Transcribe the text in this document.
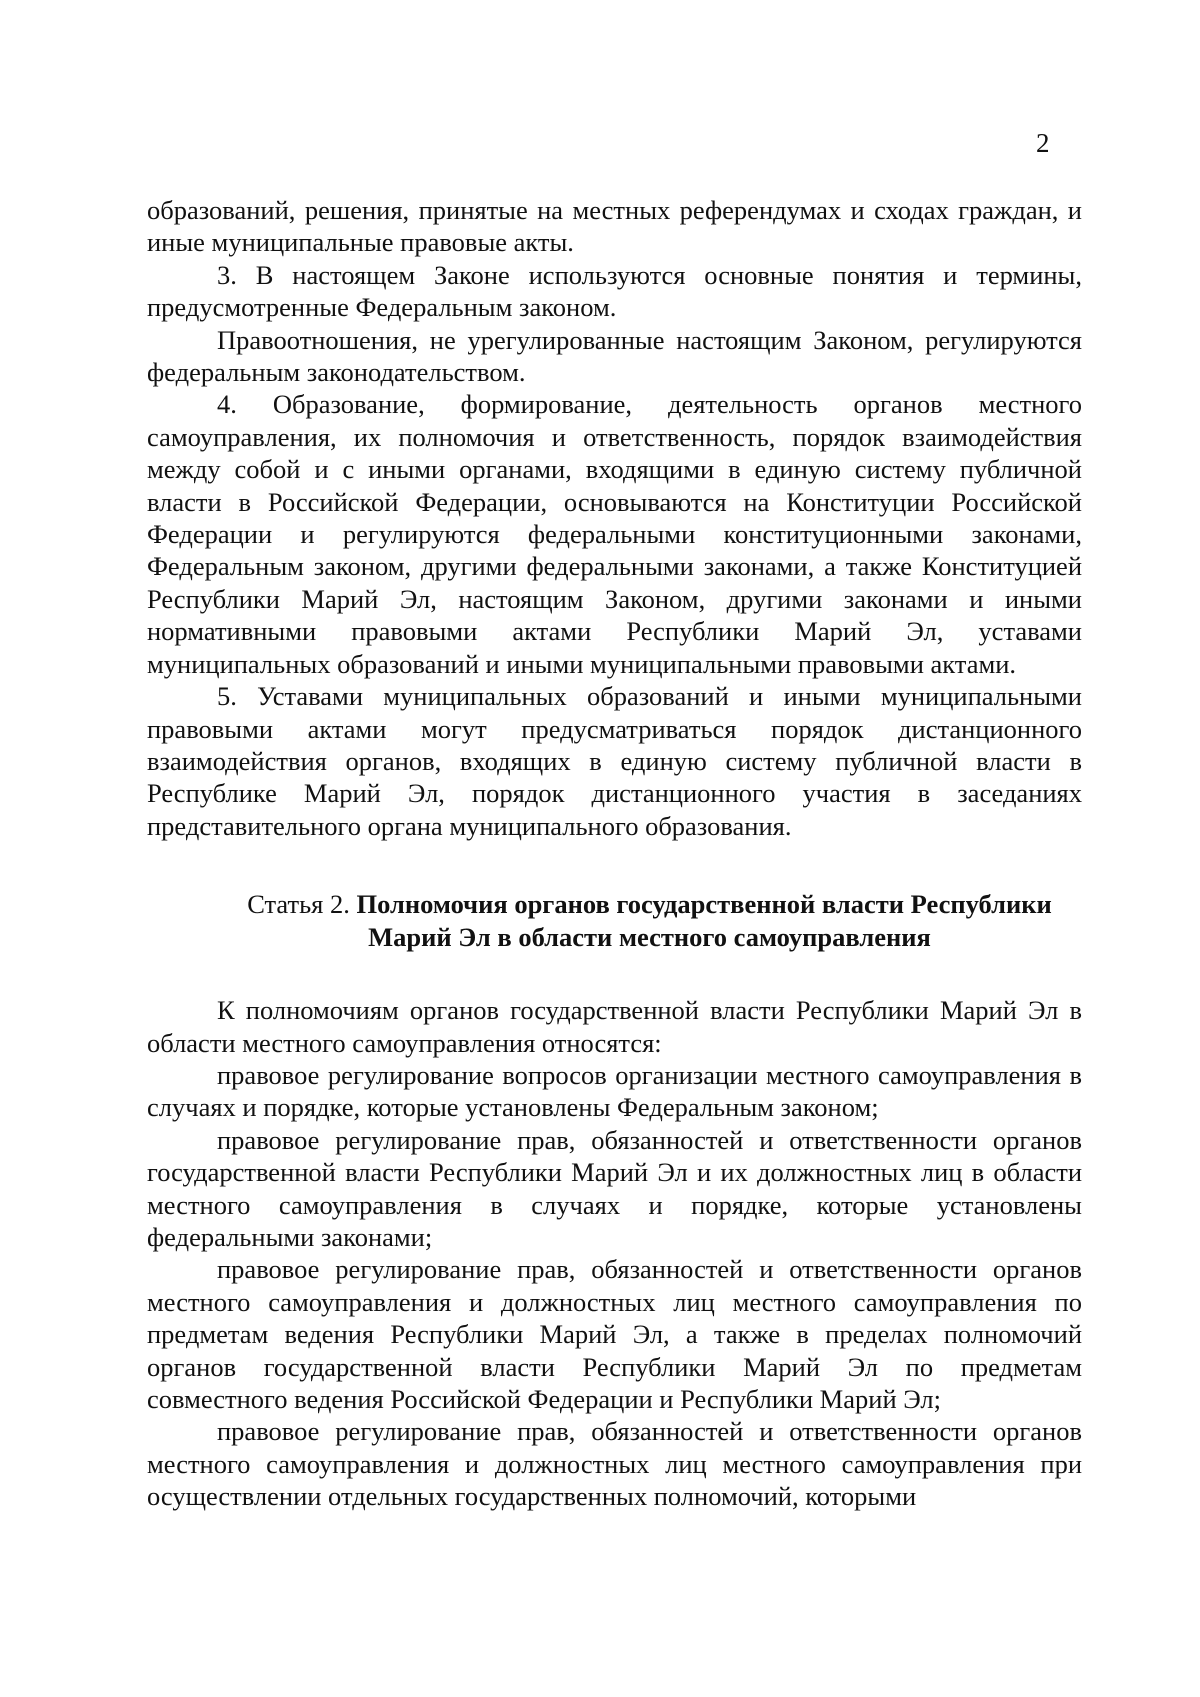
2

образований, решения, принятые на местных референдумах и сходах граждан, и иные муниципальные правовые акты.

3. В настоящем Законе используются основные понятия и термины, предусмотренные Федеральным законом.

Правоотношения, не урегулированные настоящим Законом, регулируются федеральным законодательством.

4. Образование, формирование, деятельность органов местного самоуправления, их полномочия и ответственность, порядок взаимодействия между собой и с иными органами, входящими в единую систему публичной власти в Российской Федерации, основываются на Конституции Российской Федерации и регулируются федеральными конституционными законами, Федеральным законом, другими федеральными законами, а также Конституцией Республики Марий Эл, настоящим Законом, другими законами и иными нормативными правовыми актами Республики Марий Эл, уставами муниципальных образований и иными муниципальными правовыми актами.

5. Уставами муниципальных образований и иными муниципальными правовыми актами могут предусматриваться порядок дистанционного взаимодействия органов, входящих в единую систему публичной власти в Республике Марий Эл, порядок дистанционного участия в заседаниях представительного органа муниципального образования.

Статья 2. Полномочия органов государственной власти Республики
Марий Эл в области местного самоуправления

К полномочиям органов государственной власти Республики Марий Эл в области местного самоуправления относятся:

правовое регулирование вопросов организации местного самоуправления в случаях и порядке, которые установлены Федеральным законом;

правовое регулирование прав, обязанностей и ответственности органов государственной власти Республики Марий Эл и их должностных лиц в области местного самоуправления в случаях и порядке, которые установлены федеральными законами;

правовое регулирование прав, обязанностей и ответственности органов местного самоуправления и должностных лиц местного самоуправления по предметам ведения Республики Марий Эл, а также в пределах полномочий органов государственной власти Республики Марий Эл по предметам совместного ведения Российской Федерации и Республики Марий Эл;

правовое регулирование прав, обязанностей и ответственности органов местного самоуправления и должностных лиц местного самоуправления при осуществлении отдельных государственных полномочий, которыми
